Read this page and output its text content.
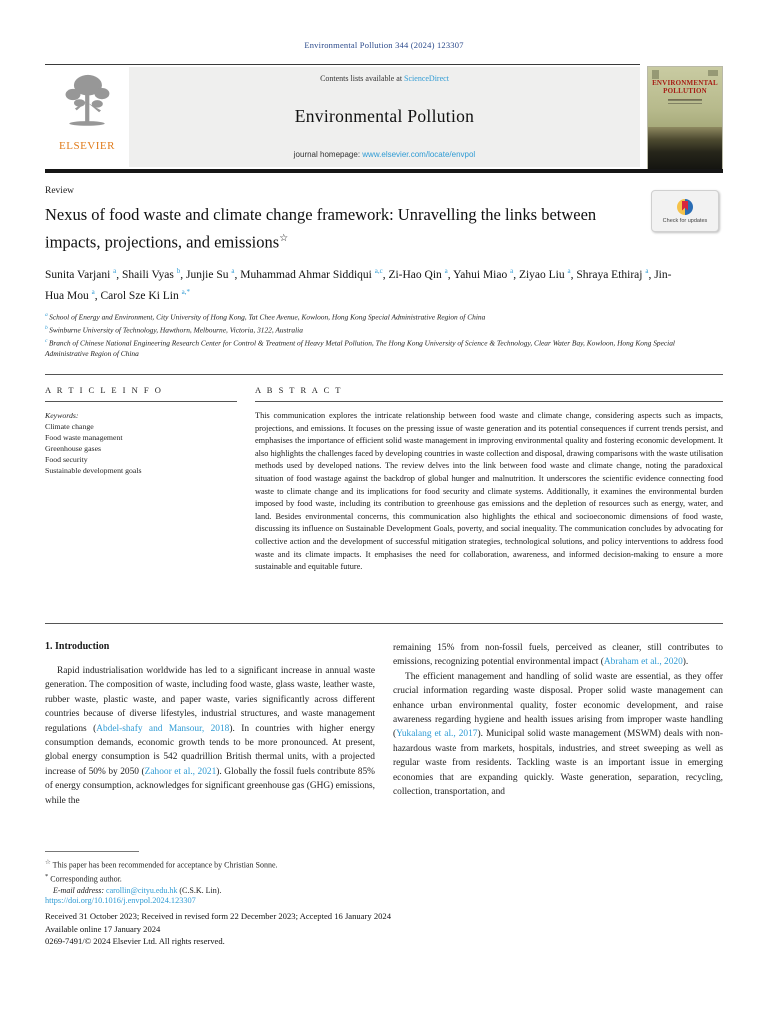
Environmental Pollution 344 (2024) 123307
ELSEVIER
Contents lists available at ScienceDirect
Environmental Pollution
journal homepage: www.elsevier.com/locate/envpol
ENVIRONMENTAL POLLUTION
Review
Nexus of food waste and climate change framework: Unravelling the links between impacts, projections, and emissions☆
Check for updates
Sunita Varjani $^a$, Shaili Vyas $^b$, Junjie Su $^a$, Muhammad Ahmar Siddiqui $^{a,c}$, Zi-Hao Qin $^a$, Yahui Miao $^a$, Ziyao Liu $^a$, Shraya Ethiraj $^a$, Jin-Hua Mou $^a$, Carol Sze Ki Lin $^{a,*}$
$^a$ School of Energy and Environment, City University of Hong Kong, Tat Chee Avenue, Kowloon, Hong Kong Special Administrative Region of China
$^b$ Swinburne University of Technology, Hawthorn, Melbourne, Victoria, 3122, Australia
$^c$ Branch of Chinese National Engineering Research Center for Control & Treatment of Heavy Metal Pollution, The Hong Kong University of Science & Technology, Clear Water Bay, Kowloon, Hong Kong Special Administrative Region of China
A R T I C L E I N F O
Keywords:
Climate change
Food waste management
Greenhouse gases
Food security
Sustainable development goals
A B S T R A C T
This communication explores the intricate relationship between food waste and climate change, considering aspects such as impacts, projections, and emissions. It focuses on the pressing issue of waste generation and its potential consequences if current trends persist, and emphasises the importance of efficient solid waste management in improving environmental quality and fostering economic development. It also highlights the challenges faced by developing countries in waste collection and disposal, drawing comparisons with the waste utilisation methods used by developed nations. The review delves into the link between food waste and climate change, noting the paradoxical situation of food wastage against the backdrop of global hunger and malnutrition. It underscores the scientific evidence connecting food waste to climate change and its implications for food security and climate systems. Additionally, it examines the environmental burden imposed by food waste, including its contribution to greenhouse gas emissions and the depletion of resources such as energy, water, and land. Besides environmental concerns, this communication also highlights the ethical and socioeconomic dimensions of food waste, discussing its influence on Sustainable Development Goals, poverty, and social inequality. The communication concludes by advocating for collective action and the development of successful mitigation strategies, technological solutions, and policy interventions to address food waste and its climate impacts. It emphasises the need for collaboration, awareness, and informed decision-making to ensure a more sustainable and equitable future.
1. Introduction
Rapid industrialisation worldwide has led to a significant increase in annual waste generation. The composition of waste, including food waste, glass waste, leather waste, rubber waste, plastic waste, and paper waste, varies significantly across different countries because of diverse lifestyles, industrial structures, and waste management regulations (Abdel-shafy and Mansour, 2018). In countries with higher energy consumption demands, economic growth tends to be more pronounced. At present, global energy consumption is 542 quadrillion British thermal units, with a projected increase of 50% by 2050 (Zahoor et al., 2021). Globally the fossil fuels contribute 85% of energy consumption, acknowledges for significant greenhouse gas (GHG) emissions, while the
remaining 15% from non-fossil fuels, perceived as cleaner, still contributes to emissions, recognizing potential environmental impact (Abraham et al., 2020).
The efficient management and handling of solid waste are essential, as they offer crucial information regarding waste disposal. Proper solid waste management can enhance urban environmental quality, foster economic development, and raise awareness regarding hygiene and health issues arising from improper waste handling (Yukalang et al., 2017). Municipal solid waste management (MSWM) deals with non-hazardous waste from markets, hospitals, industries, and street sweeping as well as regular waste from residents. Tackling waste is an important issue in emerging economies that are expanding quickly. Waste generation, separation, recycling, collection, transportation, and
☆ This paper has been recommended for acceptance by Christian Sonne.
* Corresponding author.
E-mail address: carollin@cityu.edu.hk (C.S.K. Lin).
https://doi.org/10.1016/j.envpol.2024.123307
Received 31 October 2023; Received in revised form 22 December 2023; Accepted 16 January 2024
Available online 17 January 2024
0269-7491/© 2024 Elsevier Ltd. All rights reserved.
